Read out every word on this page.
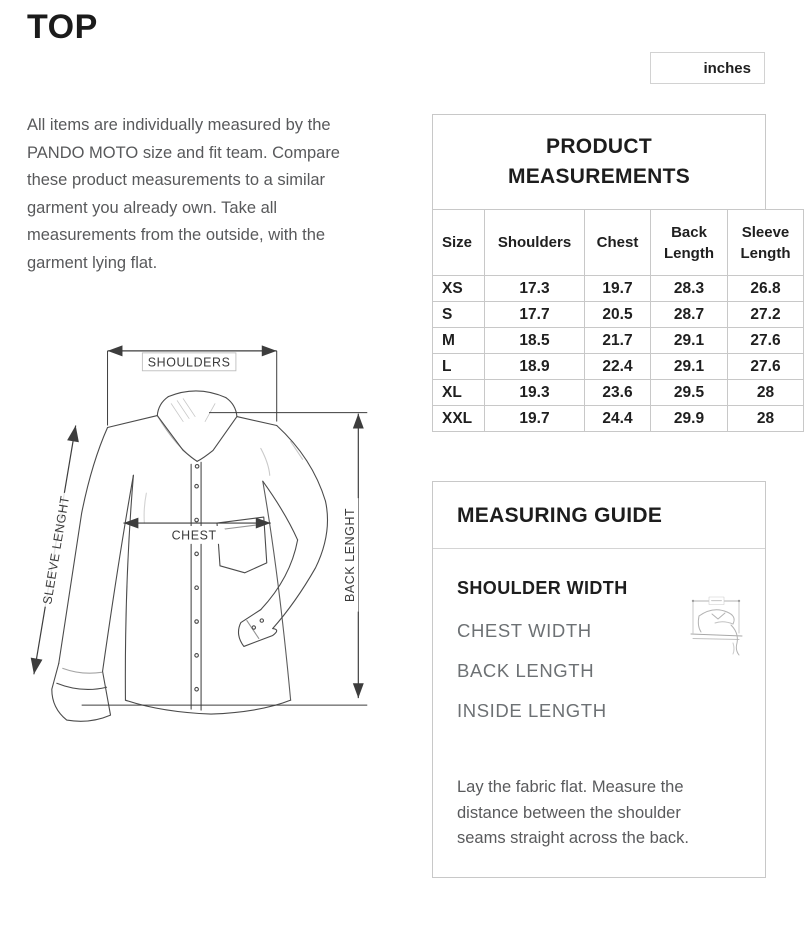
TOP
inches

All items are individually measured by the PANDO MOTO size and fit team. Compare these product measurements to a similar garment you already own. Take all measurements from the outside, with the garment lying flat.

SHOULDERS
CHEST	BACK LENGHT
SLEEVE LENGHT
PRODUCT MEASUREMENTS
Size	Shoulders	Chest	Back Length	Sleeve Length
XS	17.3	19.7	28.3	26.8
S	17.7	20.5	28.7	27.2
M	18.5	21.7	29.1	27.6
L	18.9	22.4	29.1	27.6
XL	19.3	23.6	29.5	28
XXL	19.7	24.4	29.9	28
MEASURING GUIDE
SHOULDER WIDTH
CHEST WIDTH
BACK LENGTH
INSIDE LENGTH

Lay the fabric flat. Measure the distance between the shoulder seams straight across the back.
